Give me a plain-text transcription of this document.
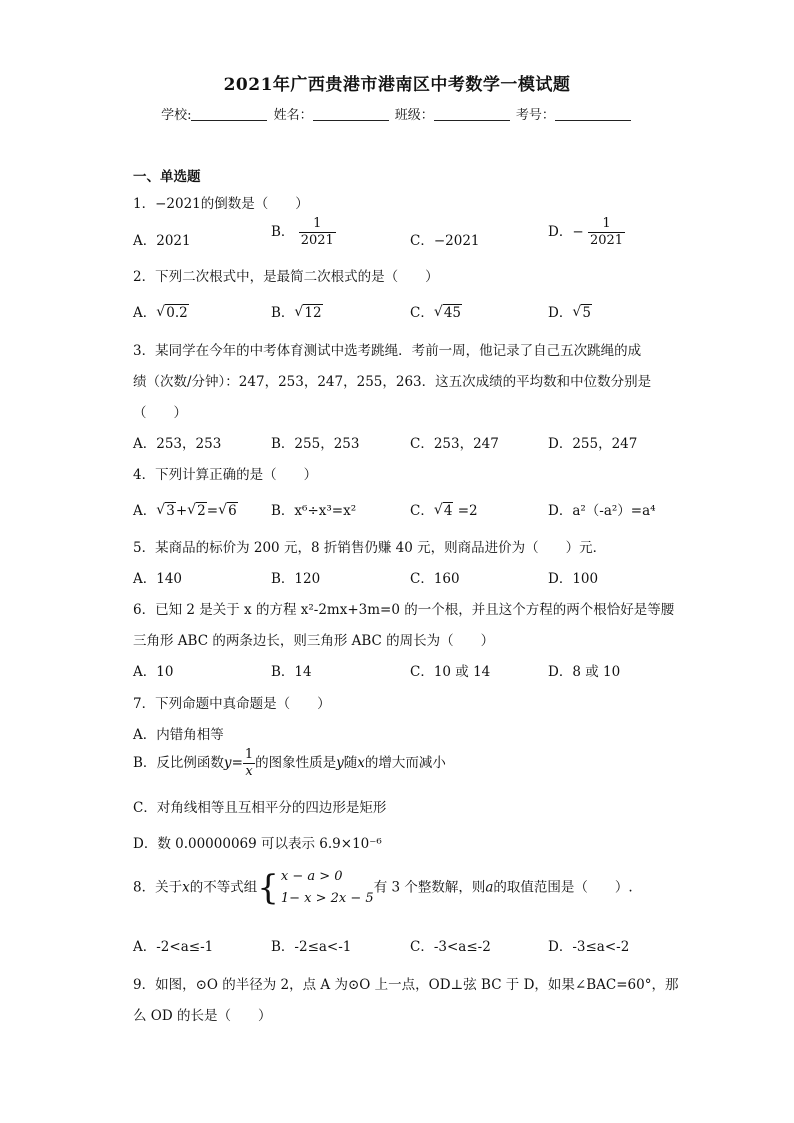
2021年广西贵港市港南区中考数学一模试题
学校:	姓名：	班级：	考号：
一、单选题
1．−2021的倒数是（　　）
A．2021
B． $\frac{1}{2021}$	C．−2021
D．− $\frac{1}{2021}$
2．下列二次根式中，是最简二次根式的是（　　）
A． √ 0.2	B． √ 12	C． √ 45	D． √ 5
3．某同学在今年的中考体育测试中选考跳绳．考前一周，他记录了自己五次跳绳的成
绩（次数/分钟）：247，253，247，255，263．这五次成绩的平均数和中位数分别是
（　　）
A．253，253	B．255，253	C．253，247	D．255，247
4．下列计算正确的是（　　）
A． √ 3+ √ 2= √ 6	B．x⁶÷x³=x²	C． √ 4 =2	D．a²（-a²）=a⁴
5．某商品的标价为 200 元，8 折销售仍赚 40 元，则商品进价为（　　）元．
A．140	B．120	C．160	D．100
6．已知 2 是关于 x 的方程 x²-2mx+3m=0 的一个根，并且这个方程的两个根恰好是等腰
三角形 ABC 的两条边长，则三角形 ABC 的周长为（　　）
A．10	B．14	C．10 或 14	D．8 或 10
7．下列命题中真命题是（　　）
A．内错角相等
B．反比例函数$y= \frac{1}{x}$ 的图象性质是y随x的增大而减小
C．对角线相等且互相平分的四边形是矩形
D．数 0.00000069 可以表示 6.9×10⁻⁶
8．关于x的不等式组{ x − a > 0
1− x > 2x − 5
有 3 个整数解，则a的取值范围是（　　）.
A．-2<a≤-1	B．-2≤a<-1	C．-3<a≤-2	D．-3≤a<-2
9．如图，⊙O 的半径为 2，点 A 为⊙O 上一点，OD⊥弦 BC 于 D，如果∠BAC=60°，那
么 OD 的长是（　　）
